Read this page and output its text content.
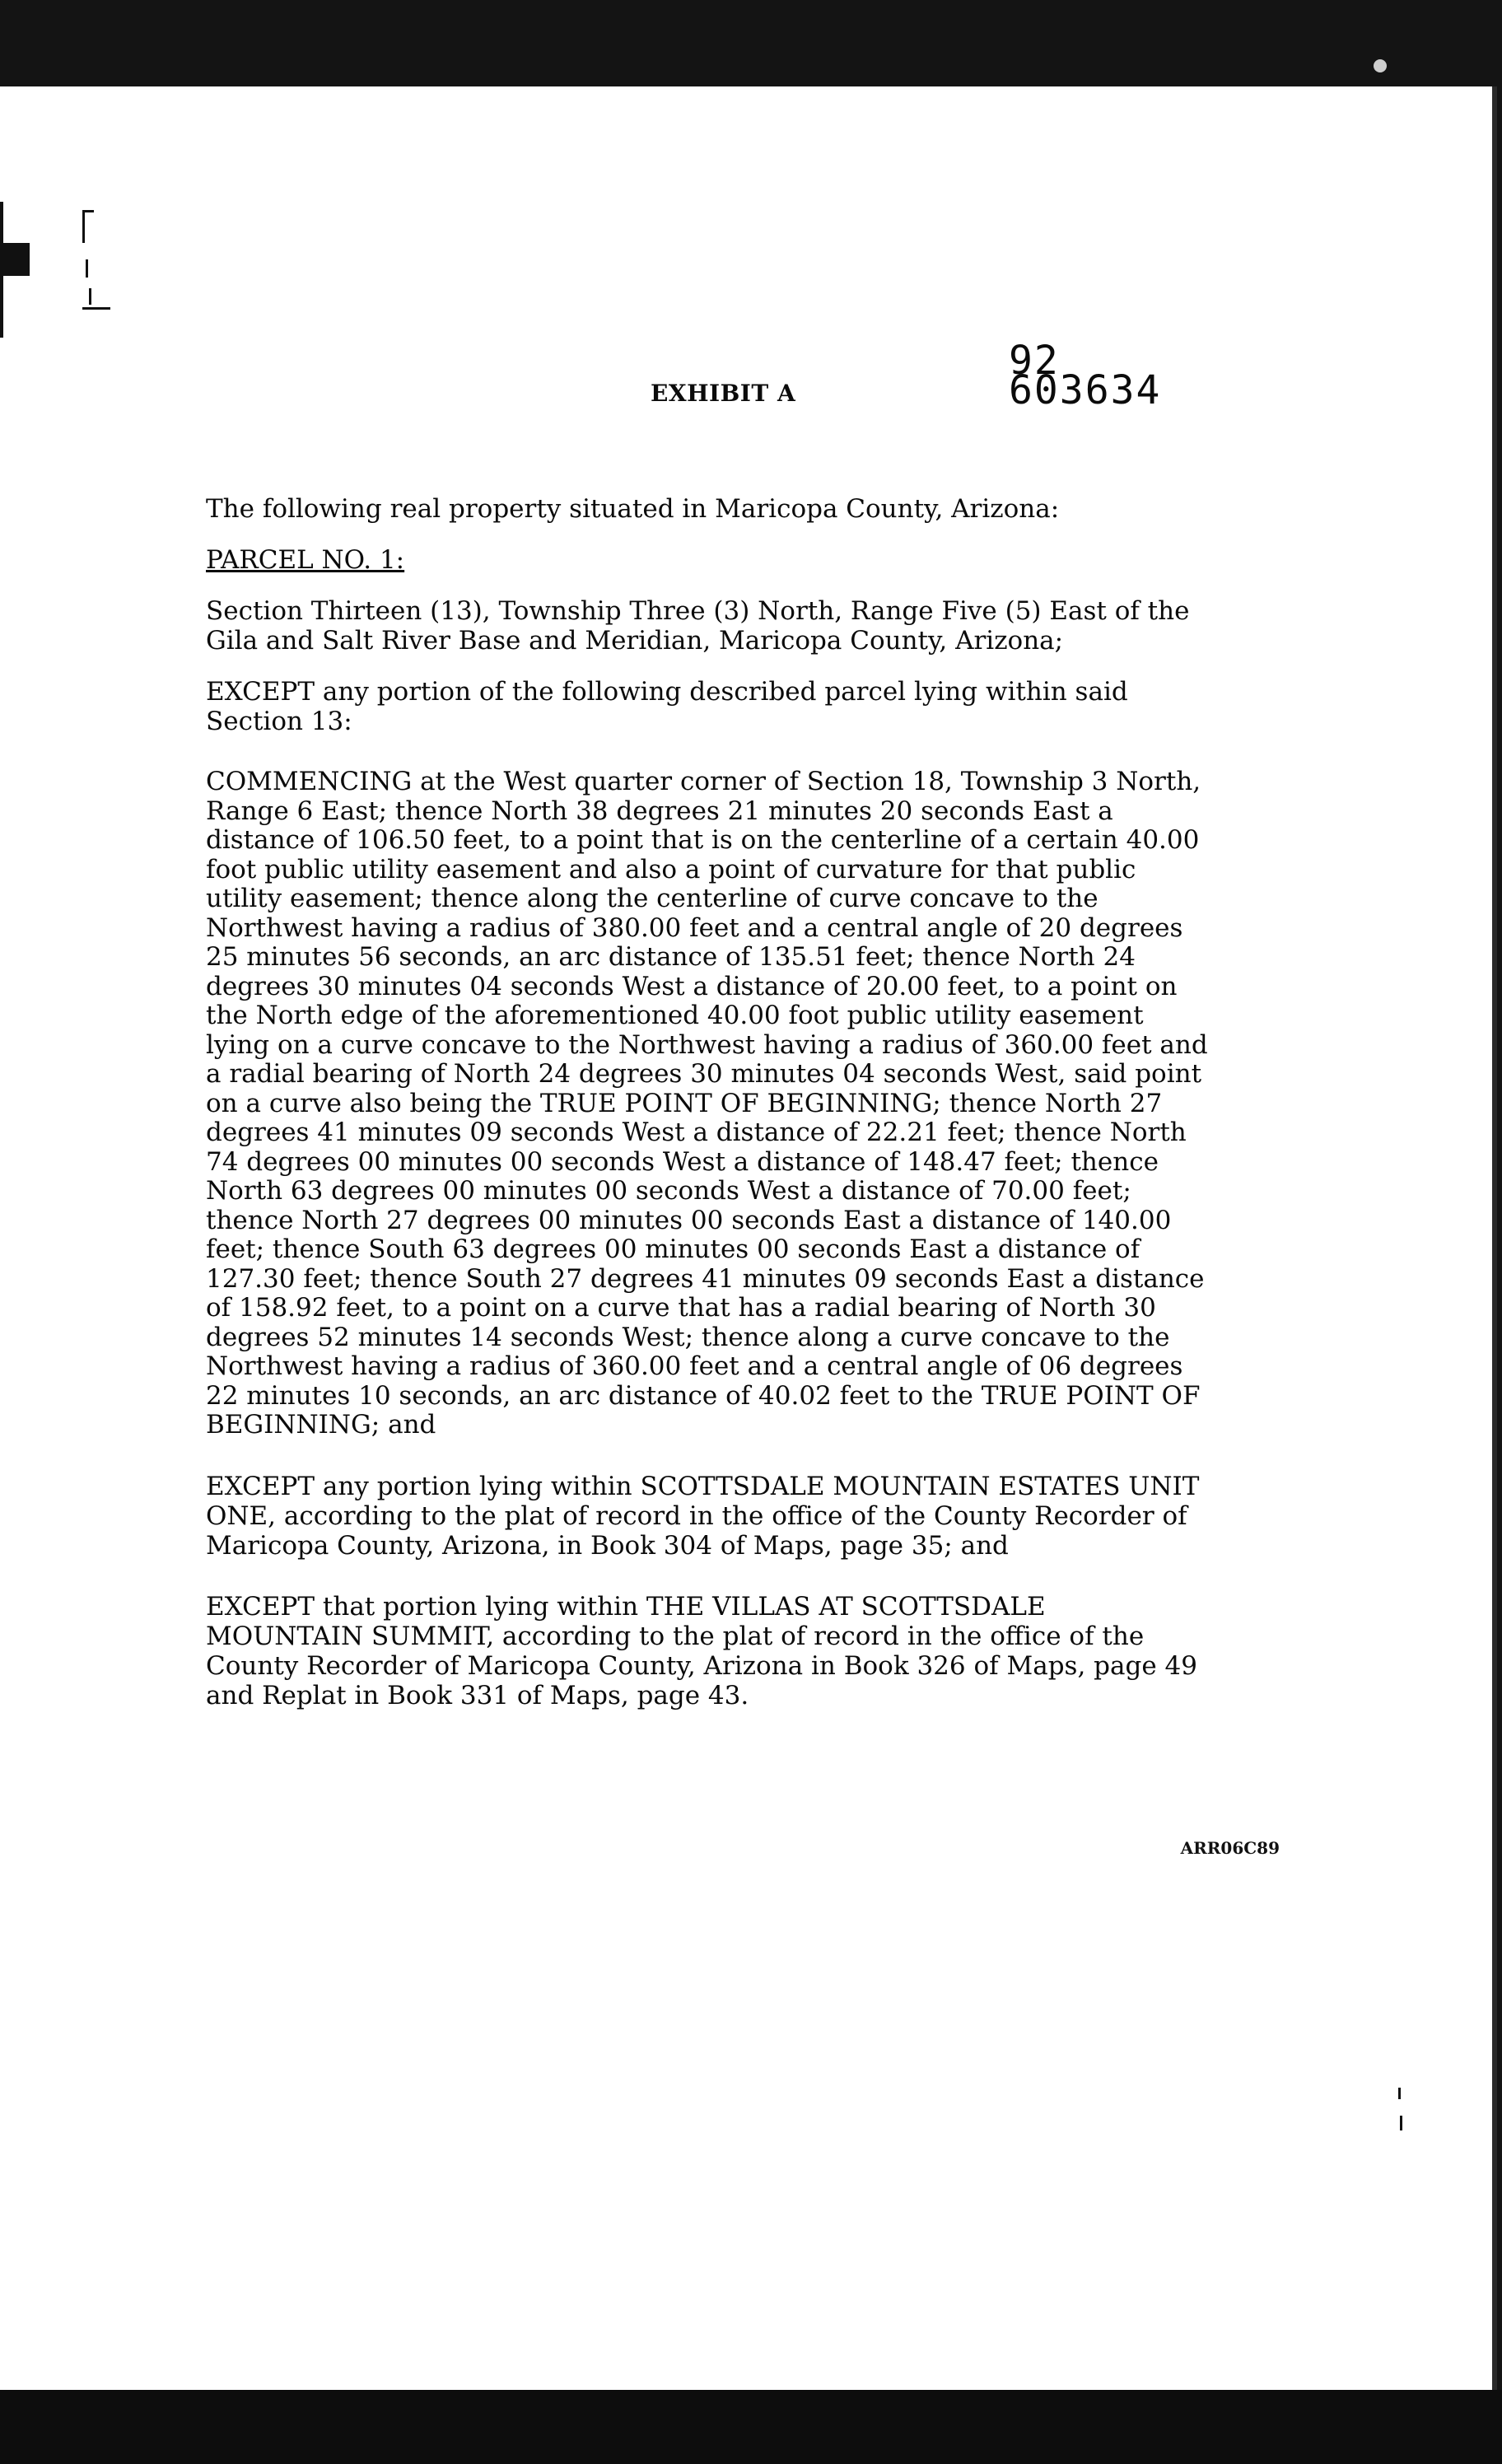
EXHIBIT A
92 603634
The following real property situated in Maricopa County, Arizona:
PARCEL NO. 1:

Section Thirteen (13), Township Three (3) North, Range Five (5) East of the Gila and Salt River Base and Meridian, Maricopa County, Arizona;

EXCEPT any portion of the following described parcel lying within said Section 13:

COMMENCING at the West quarter corner of Section 18, Township 3 North, Range 6 East; thence North 38 degrees 21 minutes 20 seconds East a distance of 106.50 feet, to a point that is on the centerline of a certain 40.00 foot public utility easement and also a point of curvature for that public utility easement; thence along the centerline of curve concave to the Northwest having a radius of 380.00 feet and a central angle of 20 degrees 25 minutes 56 seconds, an arc distance of 135.51 feet; thence North 24 degrees 30 minutes 04 seconds West a distance of 20.00 feet, to a point on the North edge of the aforementioned 40.00 foot public utility easement lying on a curve concave to the Northwest having a radius of 360.00 feet and a radial bearing of North 24 degrees 30 minutes 04 seconds West, said point on a curve also being the TRUE POINT OF BEGINNING; thence North 27 degrees 41 minutes 09 seconds West a distance of 22.21 feet; thence North 74 degrees 00 minutes 00 seconds West a distance of 148.47 feet; thence North 63 degrees 00 minutes 00 seconds West a distance of 70.00 feet; thence North 27 degrees 00 minutes 00 seconds East a distance of 140.00 feet; thence South 63 degrees 00 minutes 00 seconds East a distance of 127.30 feet; thence South 27 degrees 41 minutes 09 seconds East a distance of 158.92 feet, to a point on a curve that has a radial bearing of North 30 degrees 52 minutes 14 seconds West; thence along a curve concave to the Northwest having a radius of 360.00 feet and a central angle of 06 degrees 22 minutes 10 seconds, an arc distance of 40.02 feet to the TRUE POINT OF BEGINNING; and

EXCEPT any portion lying within SCOTTSDALE MOUNTAIN ESTATES UNIT ONE, according to the plat of record in the office of the County Recorder of Maricopa County, Arizona, in Book 304 of Maps, page 35; and

EXCEPT that portion lying within THE VILLAS AT SCOTTSDALE MOUNTAIN SUMMIT, according to the plat of record in the office of the County Recorder of Maricopa County, Arizona in Book 326 of Maps, page 49 and Replat in Book 331 of Maps, page 43.

ARR06C89
